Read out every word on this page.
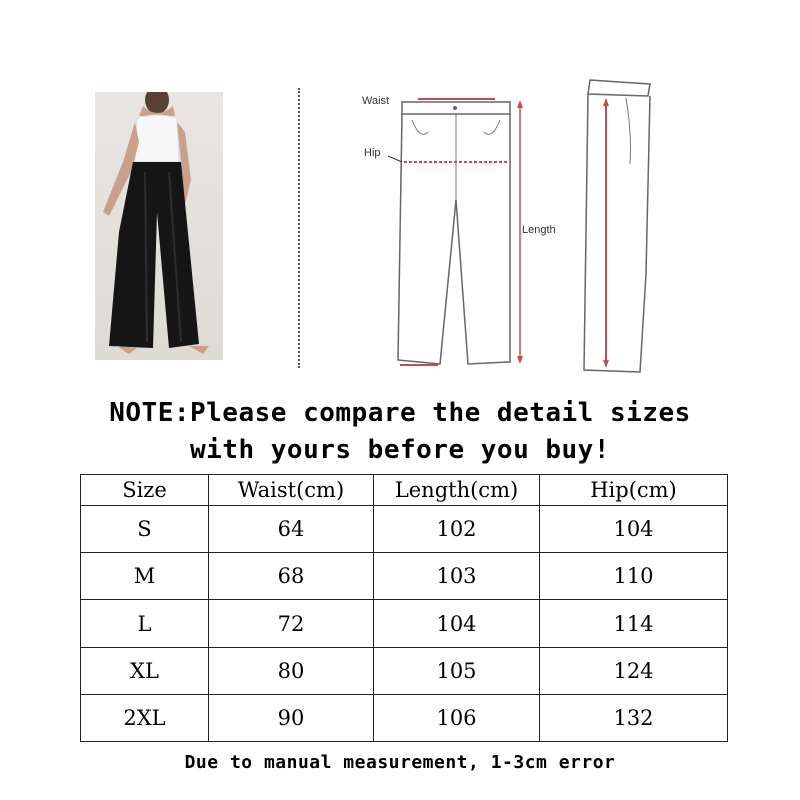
Waist
Hip
Length
NOTE:Please compare the detail sizes
with yours before you buy!
Size	Waist(cm)	Length(cm)	Hip(cm)
S	64	102	104
M	68	103	110
L	72	104	114
XL	80	105	124
2XL	90	106	132
Due to manual measurement, 1-3cm error
